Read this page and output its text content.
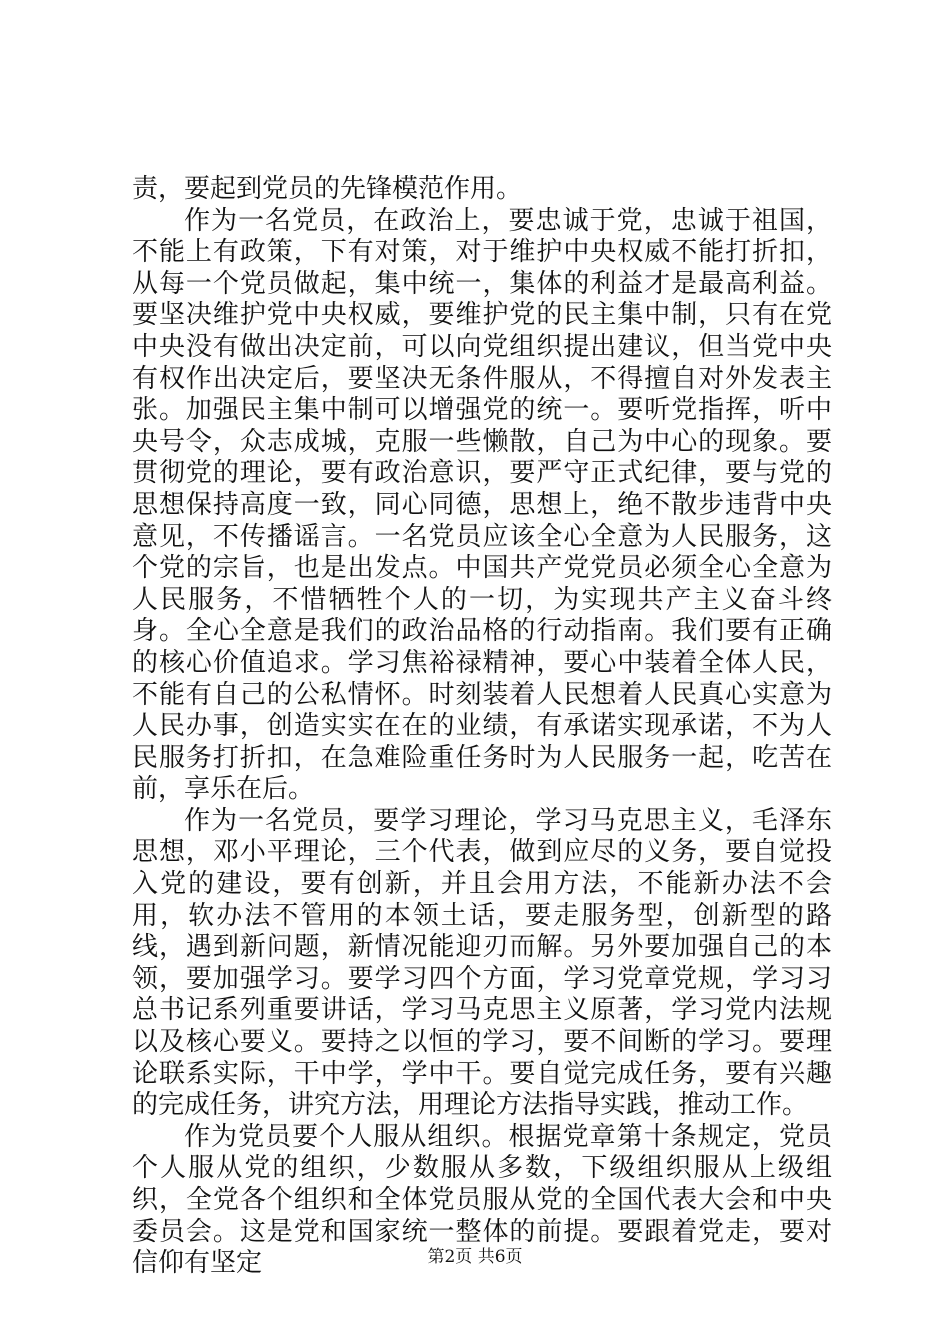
责，要起到党员的先锋模范作用。

作为一名党员，在政治上，要忠诚于党，忠诚于祖国，不能上有政策，下有对策，对于维护中央权威不能打折扣，从每一个党员做起，集中统一，集体的利益才是最高利益。要坚决维护党中央权威，要维护党的民主集中制，只有在党中央没有做出决定前，可以向党组织提出建议，但当党中央有权作出决定后，要坚决无条件服从，不得擅自对外发表主张。加强民主集中制可以增强党的统一。要听党指挥，听中央号令，众志成城，克服一些懒散，自己为中心的现象。要贯彻党的理论，要有政治意识，要严守正式纪律，要与党的思想保持高度一致，同心同德，思想上，绝不散步违背中央意见，不传播谣言。一名党员应该全心全意为人民服务，这个党的宗旨，也是出发点。中国共产党党员必须全心全意为人民服务，不惜牺牲个人的一切，为实现共产主义奋斗终身。全心全意是我们的政治品格的行动指南。我们要有正确的核心价值追求。学习焦裕禄精神，要心中装着全体人民，不能有自己的公私情怀。时刻装着人民想着人民真心实意为人民办事，创造实实在在的业绩，有承诺实现承诺，不为人民服务打折扣，在急难险重任务时为人民服务一起，吃苦在前，享乐在后。

作为一名党员，要学习理论，学习马克思主义，毛泽东思想，邓小平理论，三个代表，做到应尽的义务，要自觉投入党的建设，要有创新，并且会用方法，不能新办法不会用，软办法不管用的本领土话，要走服务型，创新型的路线，遇到新问题，新情况能迎刃而解。另外要加强自己的本领，要加强学习。要学习四个方面，学习党章党规，学习习总书记系列重要讲话，学习马克思主义原著，学习党内法规以及核心要义。要持之以恒的学习，要不间断的学习。要理论联系实际，干中学，学中干。要自觉完成任务，要有兴趣的完成任务，讲究方法，用理论方法指导实践，推动工作。

作为党员要个人服从组织。根据党章第十条规定，党员个人服从党的组织，少数服从多数，下级组织服从上级组织，全党各个组织和全体党员服从党的全国代表大会和中央委员会。这是党和国家统一整体的前提。要跟着党走，要对信仰有坚定	第2页 共6页
